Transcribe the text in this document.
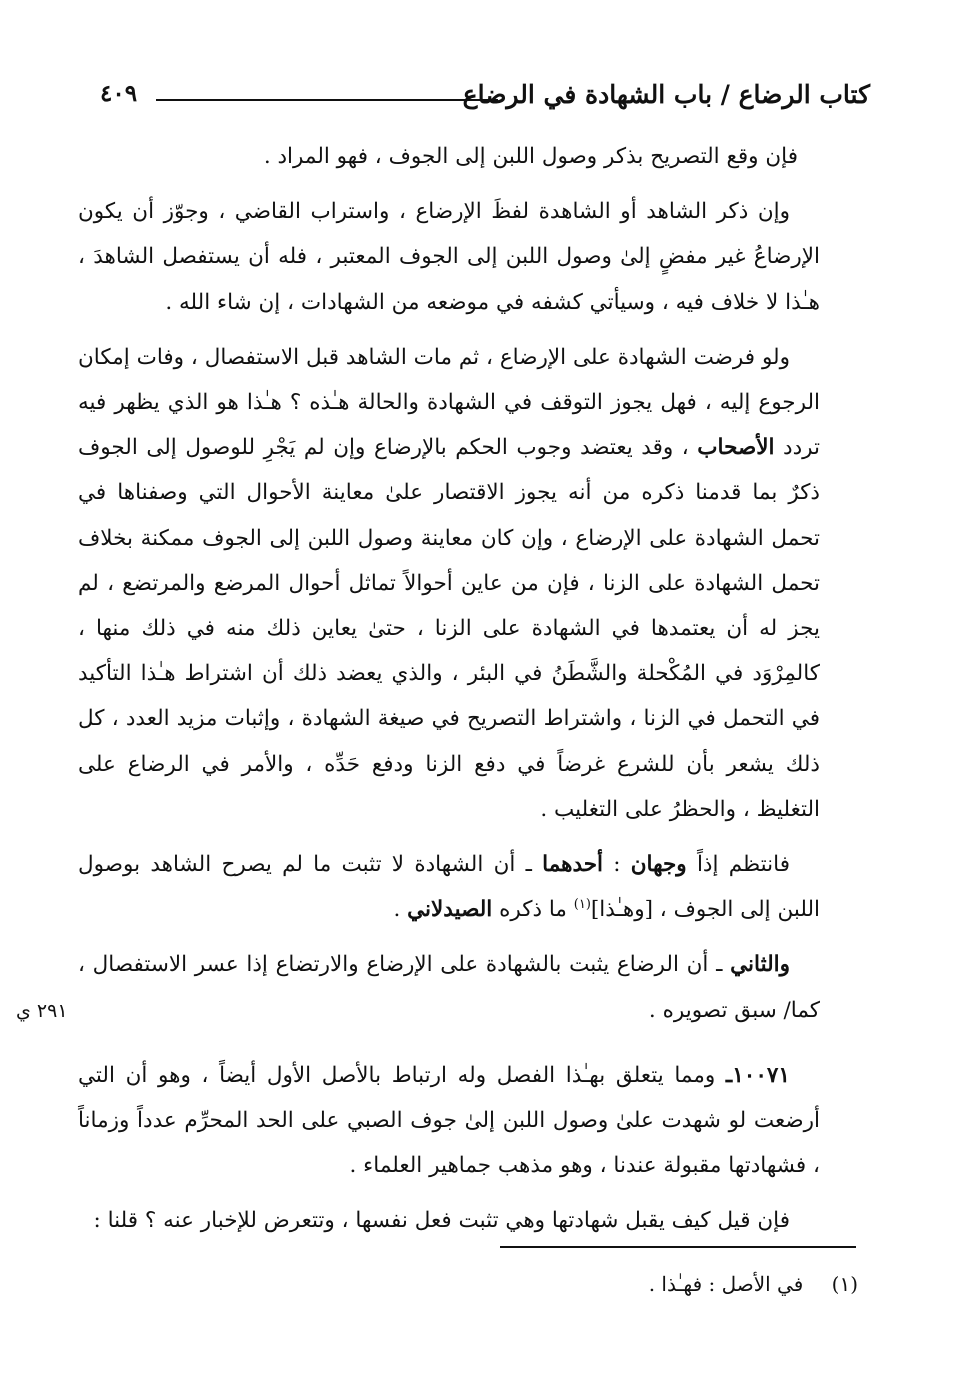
كتاب الرضاع / باب الشهادة في الرضاع
٤٠٩

فإن وقع التصريح بذكر وصول اللبن إلى الجوف ، فهو المراد .

وإن ذكر الشاهد أو الشاهدة لفظَ الإرضاع ، واستراب القاضي ، وجوّز أن يكون الإرضاعُ غير مفضٍ إلىٰ وصول اللبن إلى الجوف المعتبر ، فله أن يستفصل الشاهدَ ، هـٰذا لا خلاف فيه ، وسيأتي كشفه في موضعه من الشهادات ، إن شاء الله .

ولو فرضت الشهادة على الإرضاع ، ثم مات الشاهد قبل الاستفصال ، وفات إمكان الرجوع إليه ، فهل يجوز التوقف في الشهادة والحالة هـٰذه ؟ هـٰذا هو الذي يظهر فيه تردد الأصحاب ، وقد يعتضد وجوب الحكم بالإرضاع وإن لم يَجْرِ للوصول إلى الجوف ذكرٌ بما قدمنا ذكره من أنه يجوز الاقتصار علىٰ معاينة الأحوال التي وصفناها في تحمل الشهادة على الإرضاع ، وإن كان معاينة وصول اللبن إلى الجوف ممكنة بخلاف تحمل الشهادة على الزنا ، فإن من عاين أحوالاً تماثل أحوال المرضع والمرتضع ، لم يجز له أن يعتمدها في الشهادة على الزنا ، حتىٰ يعاين ذلك منه في ذلك منها ، كالمِرْوَد في المُكْحلة والشَّطَنُ في البئر ، والذي يعضد ذلك أن اشتراط هـٰذا التأكيد في التحمل في الزنا ، واشتراط التصريح في صيغة الشهادة ، وإثبات مزيد العدد ، كل ذلك يشعر بأن للشرع غرضاً في دفع الزنا ودفع حَدِّه ، والأمر في الرضاع على التغليظ ، والحظرُ على التغليب .

فانتظم إذاً وجهان : أحدهما ـ أن الشهادة لا تثبت ما لم يصرح الشاهد بوصول اللبن إلى الجوف ، [وهـٰذا]$^{(١)}$ ما ذكره الصيدلاني .

والثاني ـ أن الرضاع يثبت بالشهادة على الإرضاع والارتضاع إذا عسر الاستفصال ، كما/ سبق تصويره .

١٠٠٧١ـ ومما يتعلق بهـٰذا الفصل وله ارتباط بالأصل الأول أيضاً ، وهو أن التي أرضعت لو شهدت علىٰ وصول اللبن إلىٰ جوف الصبي على الحد المحرِّم عدداً وزماناً ، فشهادتها مقبولة عندنا ، وهو مذهب جماهير العلماء .

فإن قيل كيف يقبل شهادتها وهي تثبت فعل نفسها ، وتتعرض للإخبار عنه ؟ قلنا :

٢٩١ ي
(١) في الأصل : فهـٰذا .
